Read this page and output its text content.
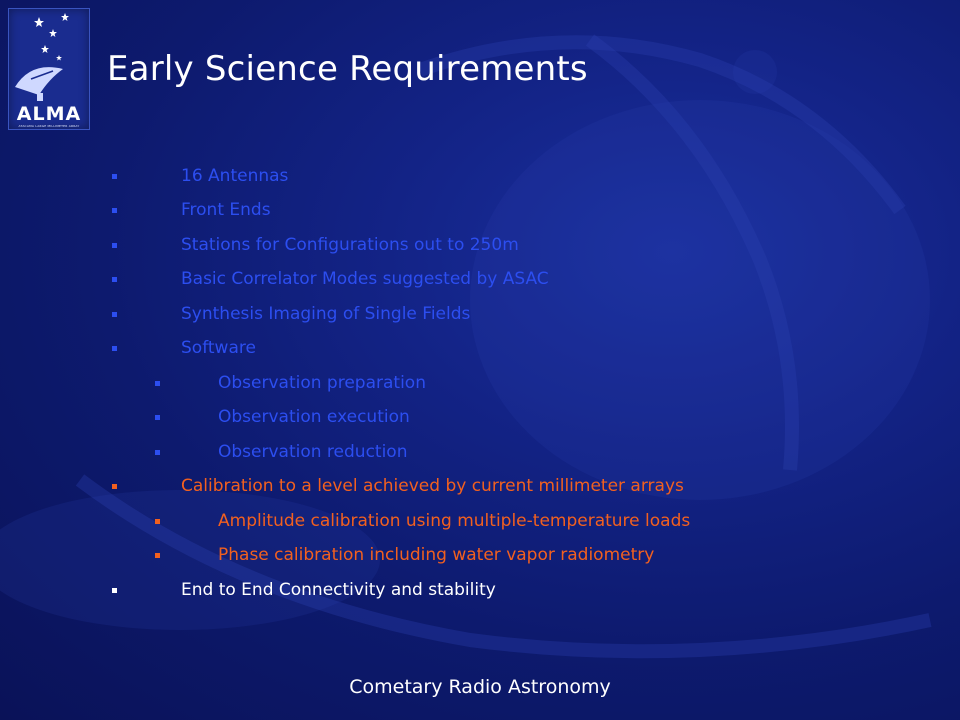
ALMA
ATACAMA LARGE MILLIMETER ARRAY
Early Science Requirements
16 Antennas
Front Ends
Stations for Configurations out to 250m
Basic Correlator Modes suggested by ASAC
Synthesis Imaging of Single Fields
Software
Observation preparation
Observation execution
Observation reduction
Calibration to a level achieved by current millimeter arrays
Amplitude calibration using multiple-temperature loads
Phase calibration including water vapor radiometry
End to End Connectivity and stability
Cometary Radio Astronomy
